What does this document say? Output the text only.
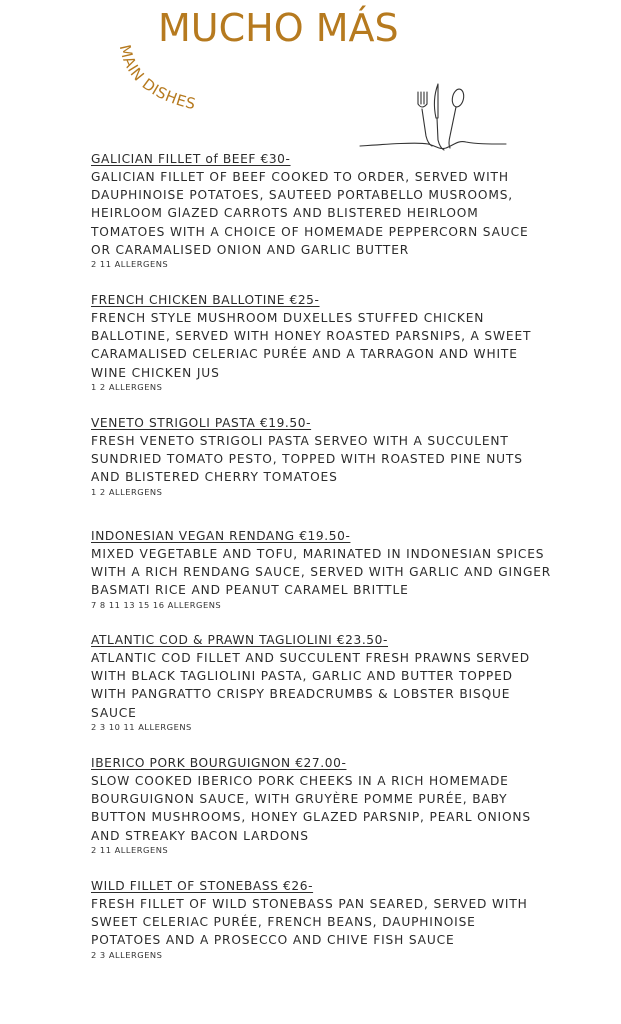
MUCHO MÁS
MAIN DISHES
GALICIAN FILLET of BEEF €30-

GALICIAN FILLET OF BEEF COOKED TO ORDER, SERVED WITH
DAUPHINOISE POTATOES, SAUTEED PORTABELLO MUSROOMS,
HEIRLOOM GlAZED CARROTS AND BLISTERED HEIRLOOM
TOMATOES WITH A CHOICE OF HOMEMADE PEPPERCORN SAUCE
OR CARAMALISED ONION AND GARLIC BUTTER

2 11 ALLERGENS
FRENCH CHICKEN BALLOTINE €25-

FRENCH STYLE MUSHROOM DUXELLES STUFFED CHICKEN
BALLOTINE, SERVED WITH HONEY ROASTED PARSNIPS, A SWEET
CARAMALISED CELERIAC PURÉE AND A TARRAGON AND WHITE
WINE CHICKEN JUS

1 2 ALLERGENS
VENETO STRIGOLI PASTA €19.50-

FRESH VENETO STRIGOLI PASTA SERVEO WITH A SUCCULENT
SUNDRIED TOMATO PESTO, TOPPED WITH ROASTED PINE NUTS
AND BLISTERED CHERRY TOMATOES

1 2 ALLERGENS
INDONESIAN VEGAN RENDANG €19.50-

MIXED VEGETABLE AND TOFU, MARINATED IN INDONESIAN SPICES
WITH A RICH RENDANG SAUCE, SERVED WITH GARLIC AND GINGER
BASMATI RICE AND PEANUT CARAMEL BRITTLE

7 8 11 13 15 16 ALLERGENS
ATLANTIC COD & PRAWN TAGLIOLINI €23.50-

ATLANTIC COD FILLET AND SUCCULENT FRESH PRAWNS SERVED
WITH BLACK TAGLIOLINI PASTA, GARLIC AND BUTTER TOPPED
WITH PANGRATTO CRISPY BREADCRUMBS & LOBSTER BISQUE
SAUCE

2 3 10 11 ALLERGENS
IBERICO PORK BOURGUIGNON €27.00-

SLOW COOKED IBERICO PORK CHEEKS IN A RICH HOMEMADE
BOURGUIGNON SAUCE, WITH GRUYÈRE POMME PURÉE, BABY
BUTTON MUSHROOMS, HONEY GLAZED PARSNIP, PEARL ONIONS
AND STREAKY BACON LARDONS

2 11 ALLERGENS
WILD FILLET OF STONEBASS €26-

FRESH FILLET OF WILD STONEBASS PAN SEARED, SERVED WITH
SWEET CELERIAC PURÉE, FRENCH BEANS, DAUPHINOISE
POTATOES AND A PROSECCO AND CHIVE FISH SAUCE

2 3 ALLERGENS
